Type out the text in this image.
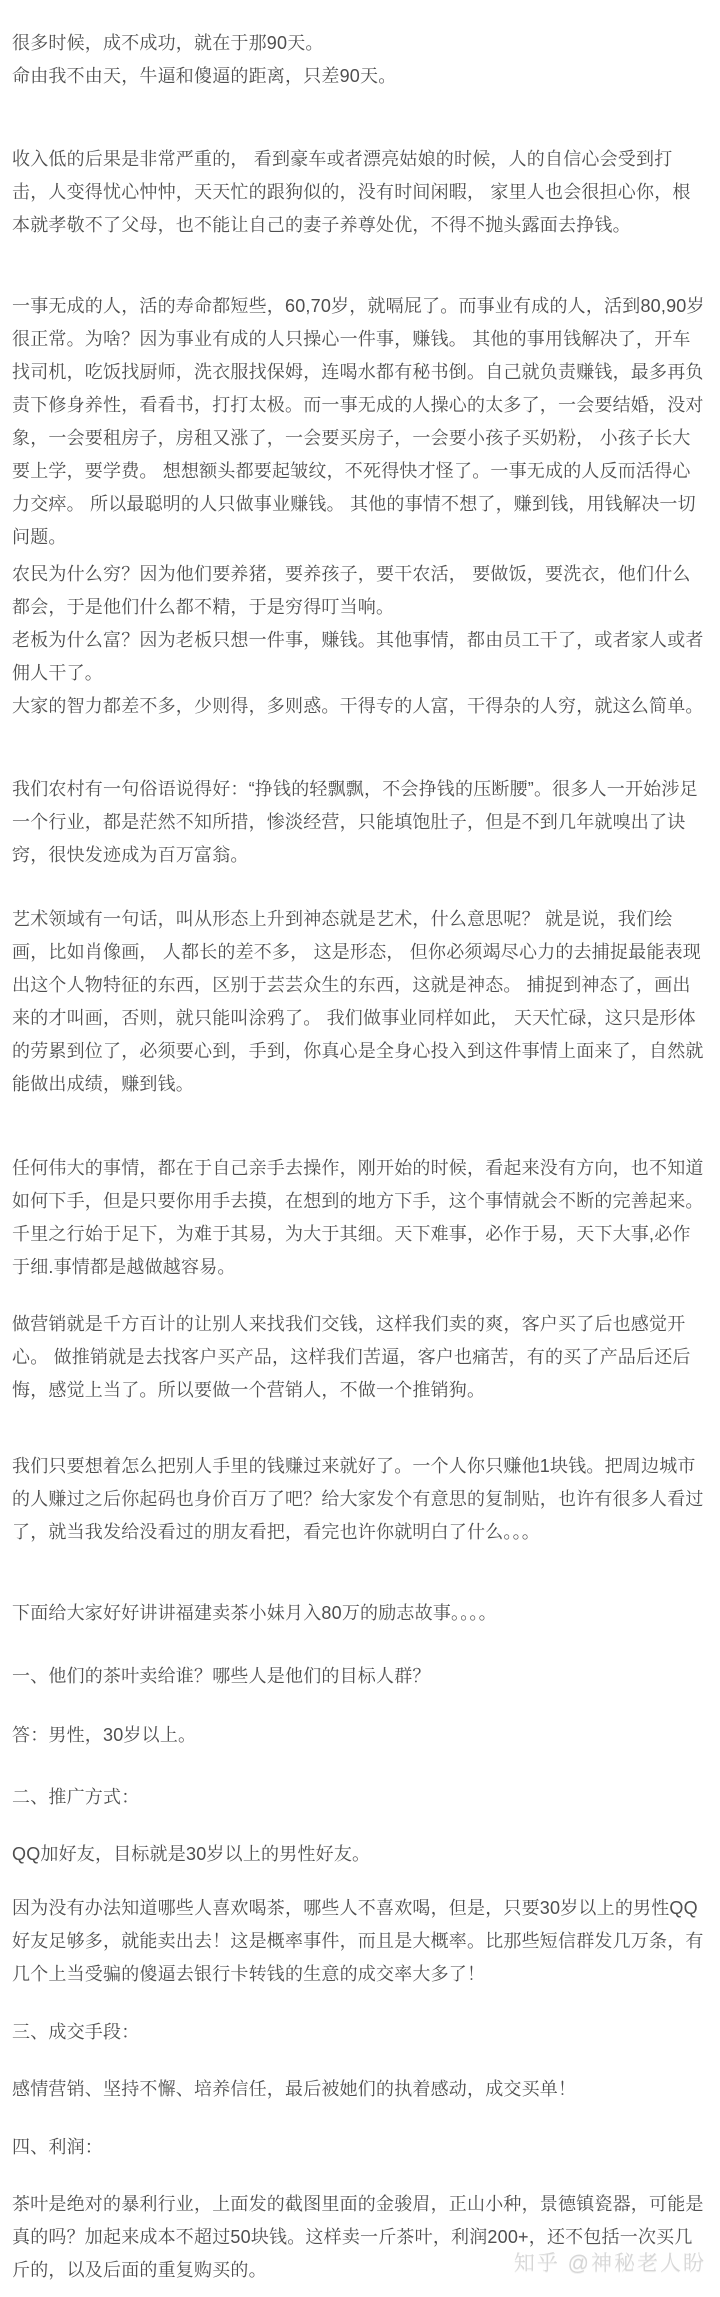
很多时候，成不成功，就在于那90天。
命由我不由天，牛逼和傻逼的距离，只差90天。
收入低的后果是非常严重的， 看到豪车或者漂亮姑娘的时候，人的自信心会受到打击，人变得忧心忡忡，天天忙的跟狗似的，没有时间闲暇， 家里人也会很担心你，根本就孝敬不了父母，也不能让自己的妻子养尊处优，不得不抛头露面去挣钱。
一事无成的人，活的寿命都短些，60,70岁，就嗝屁了。而事业有成的人，活到80,90岁很正常。为啥？因为事业有成的人只操心一件事，赚钱。 其他的事用钱解决了，开车找司机，吃饭找厨师，洗衣服找保姆，连喝水都有秘书倒。自己就负责赚钱，最多再负责下修身养性，看看书，打打太极。而一事无成的人操心的太多了，一会要结婚，没对象，一会要租房子，房租又涨了，一会要买房子，一会要小孩子买奶粉， 小孩子长大要上学，要学费。 想想额头都要起皱纹，不死得快才怪了。一事无成的人反而活得心力交瘁。 所以最聪明的人只做事业赚钱。 其他的事情不想了，赚到钱，用钱解决一切问题。
农民为什么穷？因为他们要养猪，要养孩子，要干农活， 要做饭，要洗衣，他们什么都会，于是他们什么都不精，于是穷得叮当响。
老板为什么富？因为老板只想一件事，赚钱。其他事情，都由员工干了，或者家人或者佣人干了。
大家的智力都差不多，少则得，多则惑。干得专的人富，干得杂的人穷，就这么简单。
我们农村有一句俗语说得好：“挣钱的轻飘飘，不会挣钱的压断腰”。很多人一开始涉足一个行业，都是茫然不知所措，惨淡经营，只能填饱肚子，但是不到几年就嗅出了诀窍，很快发迹成为百万富翁。
艺术领域有一句话，叫从形态上升到神态就是艺术，什么意思呢？ 就是说，我们绘画，比如肖像画， 人都长的差不多， 这是形态， 但你必须竭尽心力的去捕捉最能表现出这个人物特征的东西，区别于芸芸众生的东西，这就是神态。 捕捉到神态了，画出来的才叫画，否则，就只能叫涂鸦了。 我们做事业同样如此， 天天忙碌，这只是形体的劳累到位了，必须要心到，手到，你真心是全身心投入到这件事情上面来了，自然就能做出成绩，赚到钱。
任何伟大的事情，都在于自己亲手去操作，刚开始的时候，看起来没有方向，也不知道如何下手，但是只要你用手去摸，在想到的地方下手，这个事情就会不断的完善起来。千里之行始于足下，为难于其易，为大于其细。天下难事，必作于易，天下大事,必作于细.事情都是越做越容易。
做营销就是千方百计的让别人来找我们交钱，这样我们卖的爽，客户买了后也感觉开心。 做推销就是去找客户买产品，这样我们苦逼，客户也痛苦，有的买了产品后还后悔，感觉上当了。所以要做一个营销人，不做一个推销狗。
我们只要想着怎么把别人手里的钱赚过来就好了。一个人你只赚他1块钱。把周边城市的人赚过之后你起码也身价百万了吧？给大家发个有意思的复制贴，也许有很多人看过了，就当我发给没看过的朋友看把，看完也许你就明白了什么。。。
下面给大家好好讲讲福建卖茶小妹月入80万的励志故事。。。。
一、他们的茶叶卖给谁？哪些人是他们的目标人群？
答：男性，30岁以上。
二、推广方式：
QQ加好友，目标就是30岁以上的男性好友。
因为没有办法知道哪些人喜欢喝茶，哪些人不喜欢喝，但是，只要30岁以上的男性QQ好友足够多，就能卖出去！这是概率事件，而且是大概率。比那些短信群发几万条，有几个上当受骗的傻逼去银行卡转钱的生意的成交率大多了！
三、成交手段：
感情营销、坚持不懈、培养信任，最后被她们的执着感动，成交买单！
四、利润：
茶叶是绝对的暴利行业，上面发的截图里面的金骏眉，正山小种，景德镇瓷器，可能是真的吗？加起来成本不超过50块钱。这样卖一斤茶叶，利润200+，还不包括一次买几斤的，以及后面的重复购买的。	知乎 @神秘老人盼
